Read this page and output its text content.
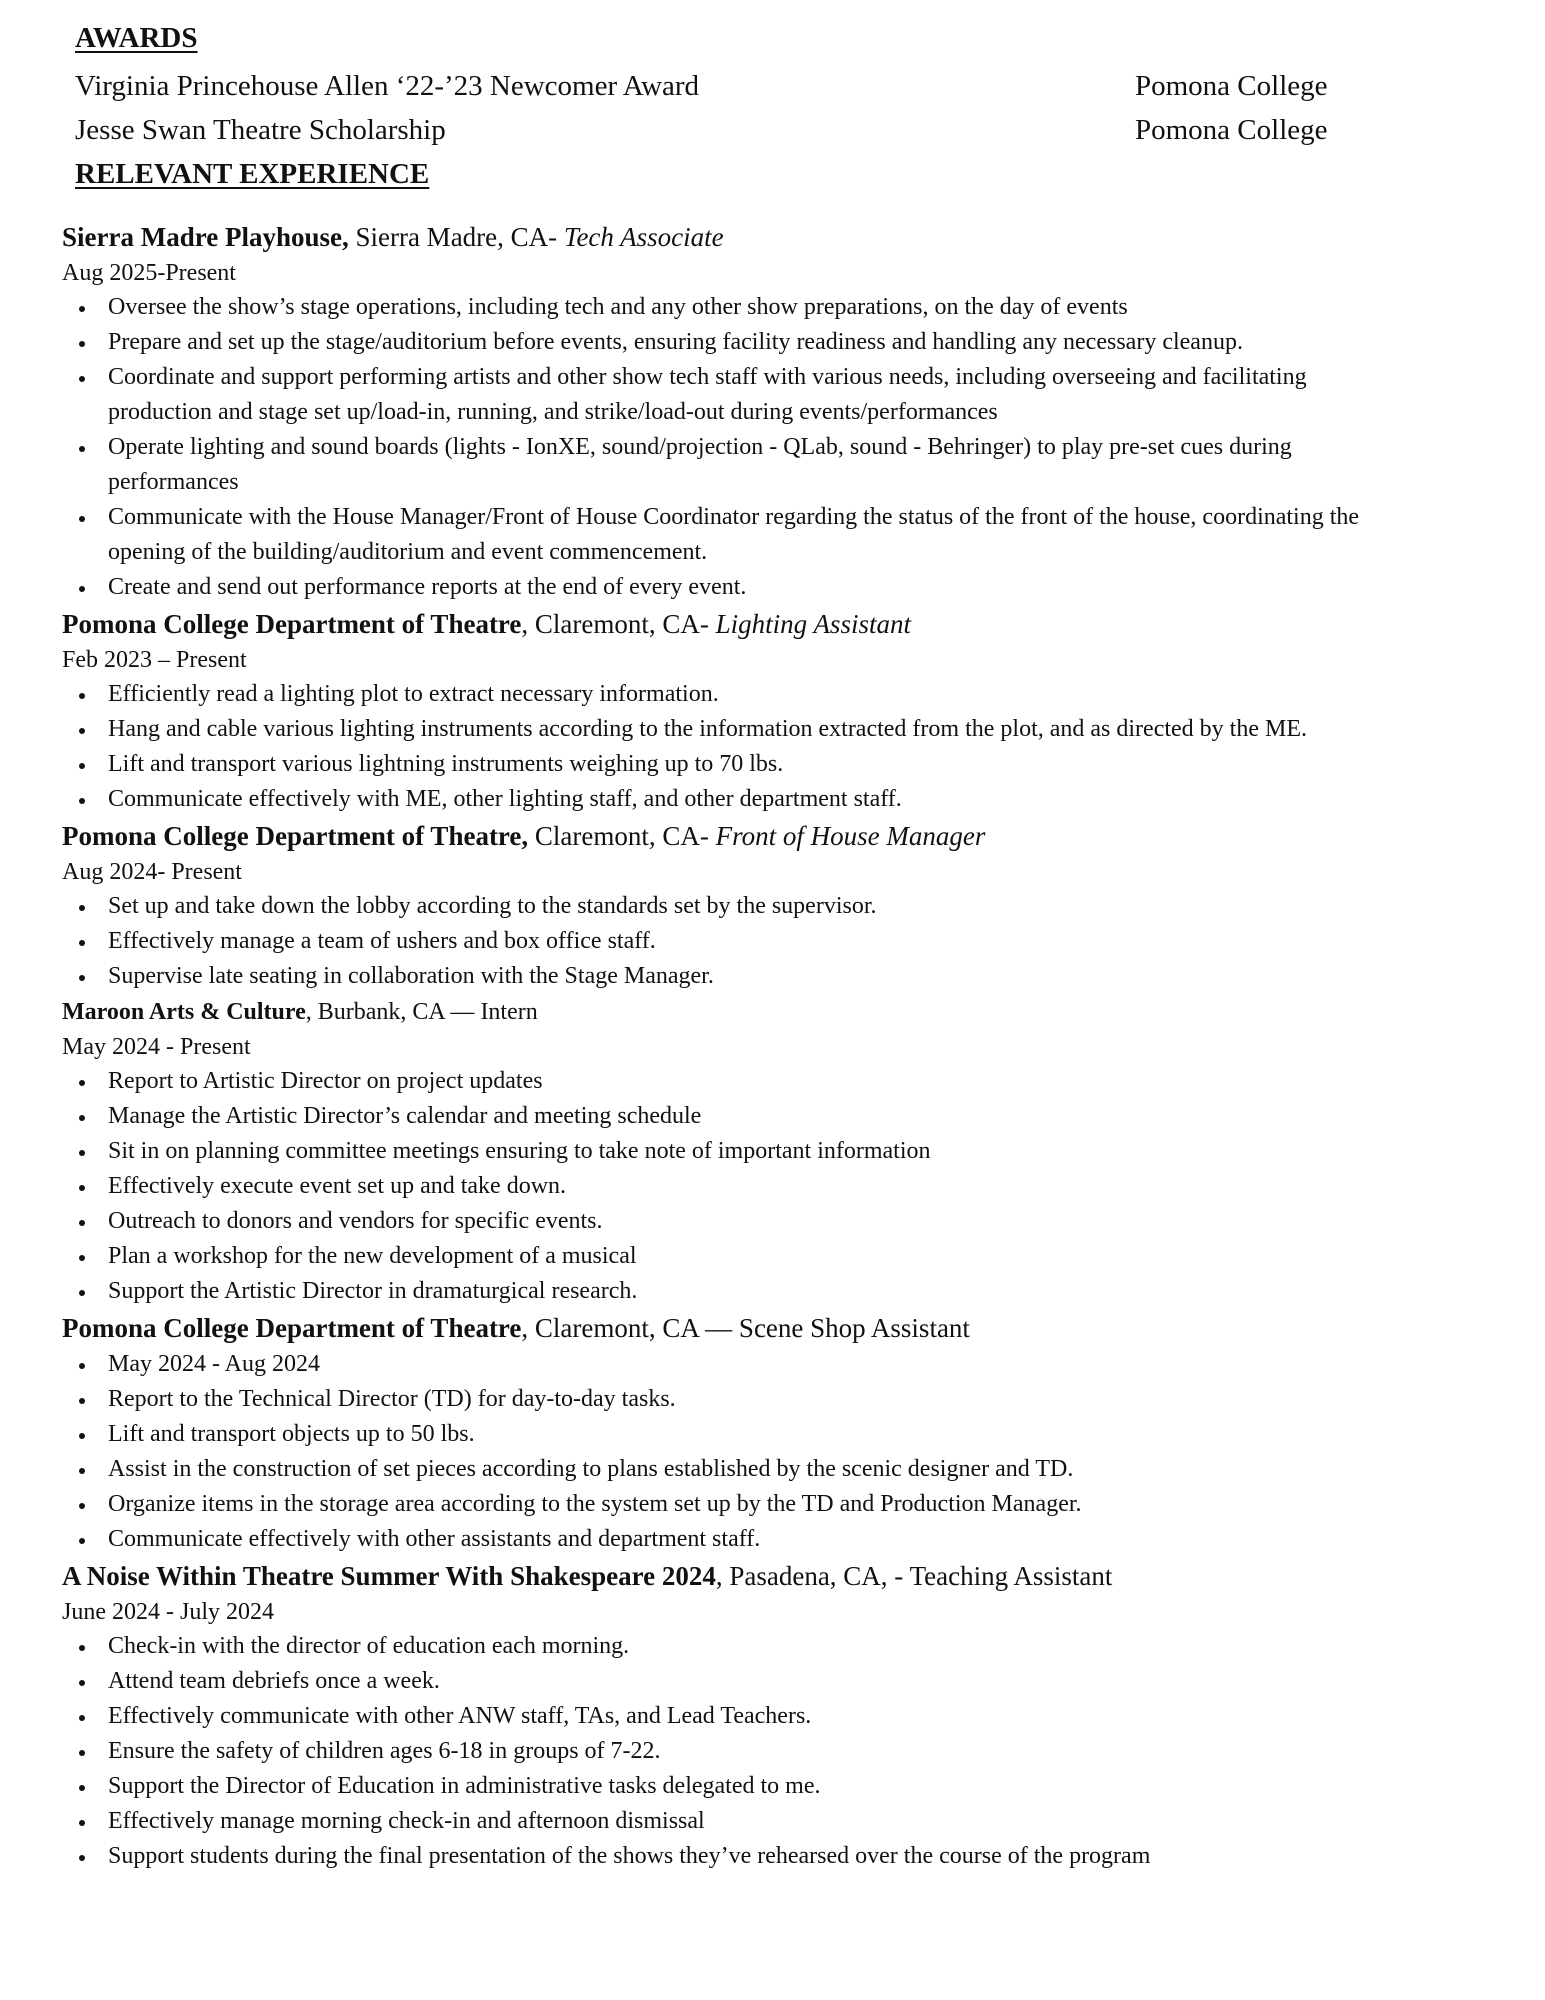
AWARDS
Virginia Princehouse Allen ‘22-’23 Newcomer Award	Pomona College
Jesse Swan Theatre Scholarship	Pomona College
RELEVANT EXPERIENCE
Sierra Madre Playhouse, Sierra Madre, CA- Tech Associate
Aug 2025-Present
Oversee the show’s stage operations, including tech and any other show preparations, on the day of events
Prepare and set up the stage/auditorium before events, ensuring facility readiness and handling any necessary cleanup.
Coordinate and support performing artists and other show tech staff with various needs, including overseeing and facilitating production and stage set up/load-in, running, and strike/load-out during events/performances
Operate lighting and sound boards (lights - IonXE, sound/projection - QLab, sound - Behringer) to play pre-set cues during performances
Communicate with the House Manager/Front of House Coordinator regarding the status of the front of the house, coordinating the opening of the building/auditorium and event commencement.
Create and send out performance reports at the end of every event.
Pomona College Department of Theatre, Claremont, CA- Lighting Assistant
Feb 2023 – Present
Efficiently read a lighting plot to extract necessary information.
Hang and cable various lighting instruments according to the information extracted from the plot, and as directed by the ME.
Lift and transport various lightning instruments weighing up to 70 lbs.
Communicate effectively with ME, other lighting staff, and other department staff.
Pomona College Department of Theatre, Claremont, CA- Front of House Manager
Aug 2024- Present
Set up and take down the lobby according to the standards set by the supervisor.
Effectively manage a team of ushers and box office staff.
Supervise late seating in collaboration with the Stage Manager.
Maroon Arts & Culture, Burbank, CA — Intern
May 2024 - Present
Report to Artistic Director on project updates
Manage the Artistic Director’s calendar and meeting schedule
Sit in on planning committee meetings ensuring to take note of important information
Effectively execute event set up and take down.
Outreach to donors and vendors for specific events.
Plan a workshop for the new development of a musical
Support the Artistic Director in dramaturgical research.
Pomona College Department of Theatre, Claremont, CA — Scene Shop Assistant
May 2024 - Aug 2024
Report to the Technical Director (TD) for day-to-day tasks.
Lift and transport objects up to 50 lbs.
Assist in the construction of set pieces according to plans established by the scenic designer and TD.
Organize items in the storage area according to the system set up by the TD and Production Manager.
Communicate effectively with other assistants and department staff.
A Noise Within Theatre Summer With Shakespeare 2024, Pasadena, CA, - Teaching Assistant
June 2024 - July 2024
Check-in with the director of education each morning.
Attend team debriefs once a week.
Effectively communicate with other ANW staff, TAs, and Lead Teachers.
Ensure the safety of children ages 6-18 in groups of 7-22.
Support the Director of Education in administrative tasks delegated to me.
Effectively manage morning check-in and afternoon dismissal
Support students during the final presentation of the shows they’ve rehearsed over the course of the program
